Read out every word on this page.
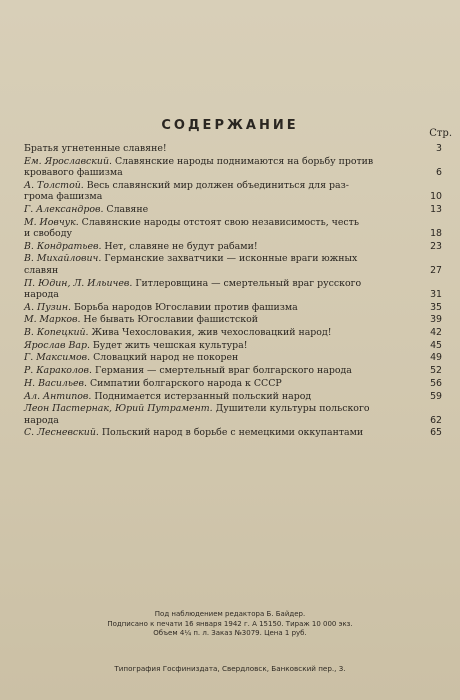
СОДЕРЖАНИЕ
Стр.
Братья угнетенные славяне!	3
Ем. Ярославский. Славянские народы поднимаются на борьбу против
кровавого фашизма	6
А. Толстой. Весь славянский мир должен объединиться для раз-
грома фашизма	10
Г. Александров. Славяне	13
М. Иовчук. Славянские народы отстоят свою независимость, честь
и свободу	18
В. Кондратьев. Нет, славяне не будут рабами!	23
В. Михайлович. Германские захватчики — исконные враги южных
славян	27
П. Юдин, Л. Ильичев. Гитлеровщина — смертельный враг русского
народа	31
А. Пузин. Борьба народов Югославии против фашизма	35
М. Марков. Не бывать Югославии фашистской	39
В. Копецкий. Жива Чехословакия, жив чехословацкий народ!	42
Ярослав Вар. Будет жить чешская культура!	45
Г. Максимов. Словацкий народ не покорен	49
Р. Караколов. Германия — смертельный враг болгарского народа	52
Н. Васильев. Симпатии болгарского народа к СССР	56
Ал. Антипов. Поднимается истерзанный польский народ	59
Леон Пастернак, Юрий Путрамент. Душители культуры польского
народа	62
С. Лесневский. Польский народ в борьбе с немецкими оккупантами	65
Под наблюдением редактора Б. Байдер.
Подписано к печати 16 января 1942 г. А 15150. Тираж 10 000 экз.
Объем 4¼ п. л. Заказ №3079. Цена 1 руб.
Типография Госфиниздата, Свердловск, Банковский пер., 3.
